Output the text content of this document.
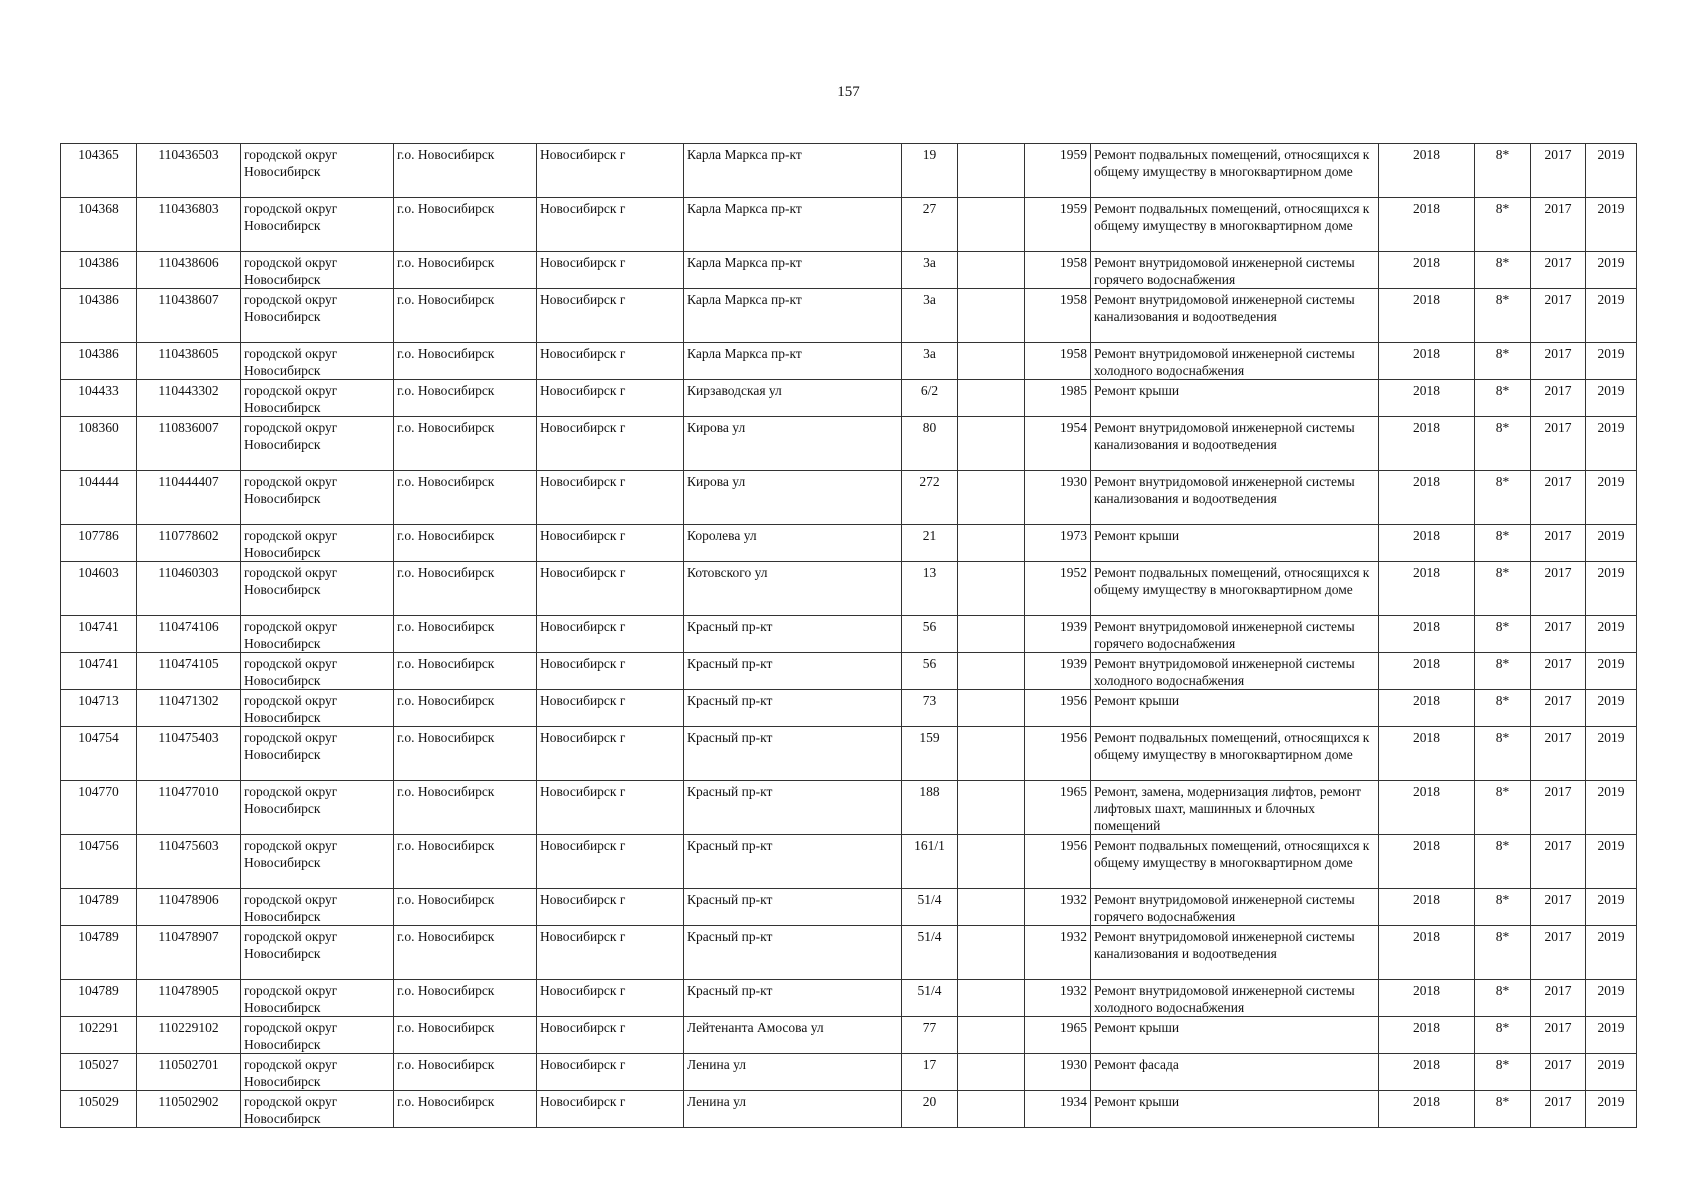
157
104365	110436503	городской округ Новосибирск	г.о. Новосибирск	Новосибирск г	Карла Маркса пр-кт	19		1959	Ремонт подвальных помещений, относящихся к общему имуществу в многоквартирном доме	2018	8*	2017	2019
104368	110436803	городской округ Новосибирск	г.о. Новосибирск	Новосибирск г	Карла Маркса пр-кт	27		1959	Ремонт подвальных помещений, относящихся к общему имуществу в многоквартирном доме	2018	8*	2017	2019
104386	110438606	городской округ Новосибирск	г.о. Новосибирск	Новосибирск г	Карла Маркса пр-кт	3а		1958	Ремонт внутридомовой инженерной системы горячего водоснабжения	2018	8*	2017	2019
104386	110438607	городской округ Новосибирск	г.о. Новосибирск	Новосибирск г	Карла Маркса пр-кт	3а		1958	Ремонт внутридомовой инженерной системы канализования и водоотведения	2018	8*	2017	2019
104386	110438605	городской округ Новосибирск	г.о. Новосибирск	Новосибирск г	Карла Маркса пр-кт	3а		1958	Ремонт внутридомовой инженерной системы холодного водоснабжения	2018	8*	2017	2019
104433	110443302	городской округ Новосибирск	г.о. Новосибирск	Новосибирск г	Кирзаводская ул	6/2		1985	Ремонт крыши	2018	8*	2017	2019
108360	110836007	городской округ Новосибирск	г.о. Новосибирск	Новосибирск г	Кирова ул	80		1954	Ремонт внутридомовой инженерной системы канализования и водоотведения	2018	8*	2017	2019
104444	110444407	городской округ Новосибирск	г.о. Новосибирск	Новосибирск г	Кирова ул	272		1930	Ремонт внутридомовой инженерной системы канализования и водоотведения	2018	8*	2017	2019
107786	110778602	городской округ Новосибирск	г.о. Новосибирск	Новосибирск г	Королева ул	21		1973	Ремонт крыши	2018	8*	2017	2019
104603	110460303	городской округ Новосибирск	г.о. Новосибирск	Новосибирск г	Котовского ул	13		1952	Ремонт подвальных помещений, относящихся к общему имуществу в многоквартирном доме	2018	8*	2017	2019
104741	110474106	городской округ Новосибирск	г.о. Новосибирск	Новосибирск г	Красный пр-кт	56		1939	Ремонт внутридомовой инженерной системы горячего водоснабжения	2018	8*	2017	2019
104741	110474105	городской округ Новосибирск	г.о. Новосибирск	Новосибирск г	Красный пр-кт	56		1939	Ремонт внутридомовой инженерной системы холодного водоснабжения	2018	8*	2017	2019
104713	110471302	городской округ Новосибирск	г.о. Новосибирск	Новосибирск г	Красный пр-кт	73		1956	Ремонт крыши	2018	8*	2017	2019
104754	110475403	городской округ Новосибирск	г.о. Новосибирск	Новосибирск г	Красный пр-кт	159		1956	Ремонт подвальных помещений, относящихся к общему имуществу в многоквартирном доме	2018	8*	2017	2019
104770	110477010	городской округ Новосибирск	г.о. Новосибирск	Новосибирск г	Красный пр-кт	188		1965	Ремонт, замена, модернизация лифтов, ремонт лифтовых шахт, машинных и блочных помещений	2018	8*	2017	2019
104756	110475603	городской округ Новосибирск	г.о. Новосибирск	Новосибирск г	Красный пр-кт	161/1		1956	Ремонт подвальных помещений, относящихся к общему имуществу в многоквартирном доме	2018	8*	2017	2019
104789	110478906	городской округ Новосибирск	г.о. Новосибирск	Новосибирск г	Красный пр-кт	51/4		1932	Ремонт внутридомовой инженерной системы горячего водоснабжения	2018	8*	2017	2019
104789	110478907	городской округ Новосибирск	г.о. Новосибирск	Новосибирск г	Красный пр-кт	51/4		1932	Ремонт внутридомовой инженерной системы канализования и водоотведения	2018	8*	2017	2019
104789	110478905	городской округ Новосибирск	г.о. Новосибирск	Новосибирск г	Красный пр-кт	51/4		1932	Ремонт внутридомовой инженерной системы холодного водоснабжения	2018	8*	2017	2019
102291	110229102	городской округ Новосибирск	г.о. Новосибирск	Новосибирск г	Лейтенанта Амосова ул	77		1965	Ремонт крыши	2018	8*	2017	2019
105027	110502701	городской округ Новосибирск	г.о. Новосибирск	Новосибирск г	Ленина ул	17		1930	Ремонт фасада	2018	8*	2017	2019
105029	110502902	городской округ Новосибирск	г.о. Новосибирск	Новосибирск г	Ленина ул	20		1934	Ремонт крыши	2018	8*	2017	2019
